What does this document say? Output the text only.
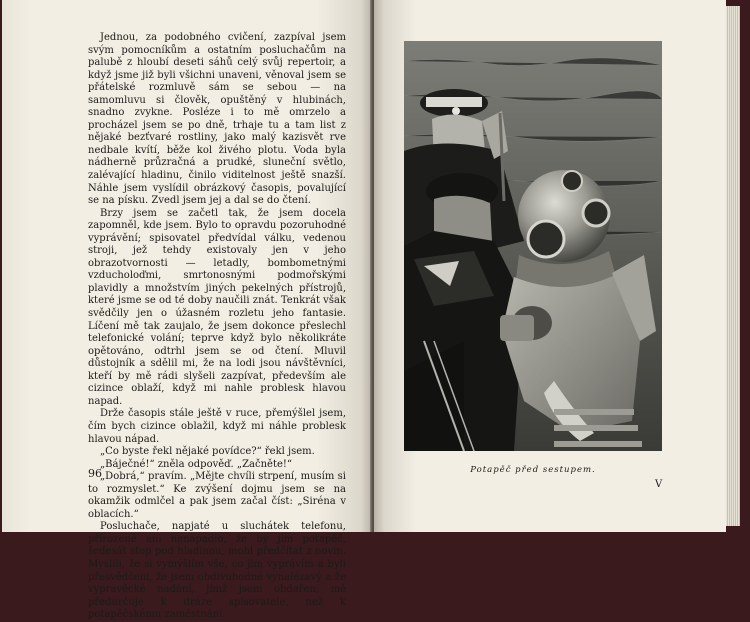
Jednou, za podobného cvičení, zazpíval jsem svým pomocníkům a ostatním posluchačům na palubě z hloubí deseti sáhů celý svůj repertoir, a když jsme již byli všichni unaveni, věnoval jsem se přátelské rozmluvě sám se sebou — na samomluvu si člověk, opuštěný v hlubinách, snadno zvykne. Posléze i to mě omrzelo a procházel jsem se po dně, trhaje tu a tam list z nějaké bezťvaré rostliny, jako malý kazisvět rve nedbale kvítí, běže kol živého plotu. Voda byla nádherně průzračná a prudké, sluneční světlo, zalévající hladinu, činilo viditelnost ještě snazší. Náhle jsem vyslídil obrázkový časopis, povalující se na písku. Zvedl jsem jej a dal se do čtení.

Brzy jsem se začetl tak, že jsem docela zapomněl, kde jsem. Bylo to opravdu pozoruhodné vyprávění; spisovatel předvídal válku, vedenou stroji, jež tehdy existovaly jen v jeho obrazotvornosti — letadly, bombometnými vzducholoďmi, smrtonosnými podmořskými plavidly a množstvím jiných pekelných přístrojů, které jsme se od té doby naučili znát. Tenkrát však svědčily jen o úžasném rozletu jeho fantasie. Líčení mě tak zaujalo, že jsem dokonce přeslechl telefonické volání; teprve když bylo několikráte opětováno, odtrhl jsem se od čtení. Mluvil důstojník a sdělil mi, že na lodi jsou návštěvníci, kteří by mě rádi slyšeli zazpívat, především ale cizince oblaží, když mi nahle problesk hlavou napad.

Drže časopis stále ještě v ruce, přemýšlel jsem, čím bych cizince oblažil, když mi náhle problesk hlavou nápad.

„Co byste řekl nějaké povídce?“ řekl jsem.

„Báječné!“ zněla odpověď. „Začněte!“

„Dobrá,“ pravím. „Mějte chvíli strpení, musím si to rozmyslet.“ Ke zvýšení dojmu jsem se na okamžik odmlčel a pak jsem začal číst: „Siréna v oblacích.“

Posluchače, napjaté u sluchátek telefonu, přirozeně ani nenapadlo, že by jim potapěč, šedesát stop pod hladinou, mohl předčítat z novin. Myslili, že si vymýšlím vše, co jim vyprávím a byli přesvědčeni, že jsem obdivuhodné vynalézavý a že vypravěcké nadání, jímž jsem obdařen, mě předurčuje k dráze spisovatele, než k potapěčskému zaměstnání.

96	Potapěč před sestupem.
V
